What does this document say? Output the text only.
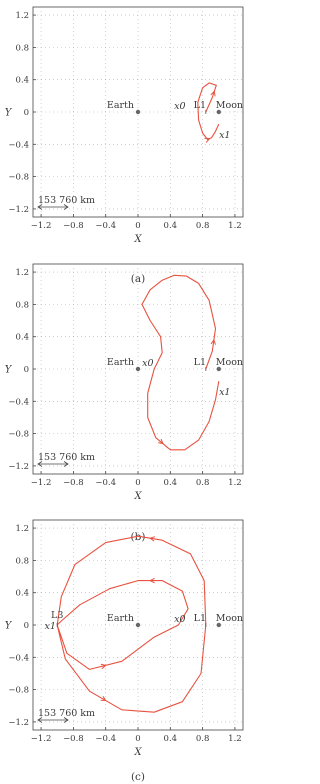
−1.2 −0.8 −0.4 0	0.4 0.8 1.2
1.2
0.8
0.4
0
−0.4
−0.8
−1.2
X
Y
Earth	Moon
L1
x0
x1
153 760 km
(a)
−1.2 −0.8 −0.4 0	0.4 0.8 1.2
1.2
0.8
0.4
0
−0.4
−0.8
−1.2
X
Y
Earth	Moon
L1
x0
x1
153 760 km
(b)
−1.2 −0.8 −0.4 0	0.4 0.8 1.2
1.2
0.8
0.4
0
−0.4
−0.8
−1.2
X
Y
Earth	Moon
L1
L3	x0
x1
153 760 km
(c)
